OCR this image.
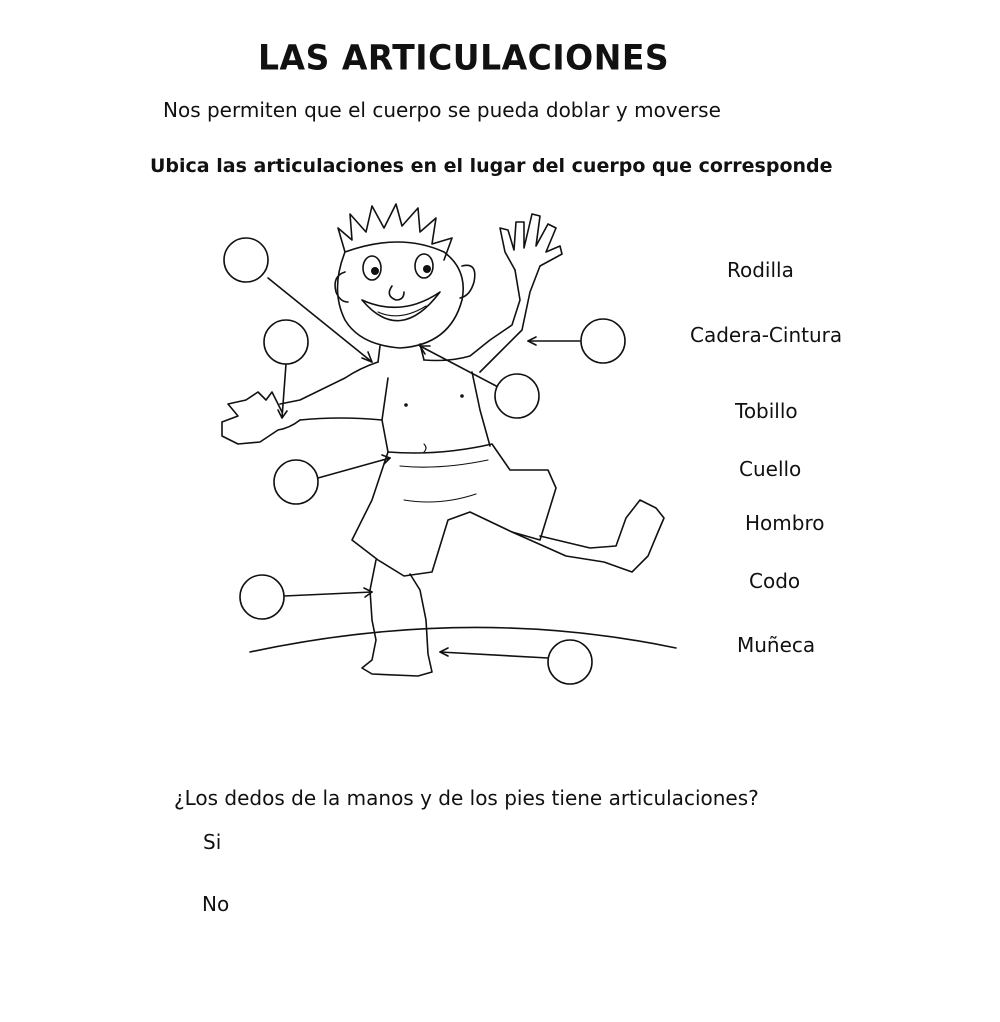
LAS ARTICULACIONES
Nos permiten que el cuerpo se pueda doblar y moverse
Ubica las articulaciones en el lugar del cuerpo que corresponde
Rodilla
Cadera-Cintura
Tobillo
Cuello
Hombro
Codo
Muñeca
¿Los dedos de la manos y de los pies tiene articulaciones?
Si
No
